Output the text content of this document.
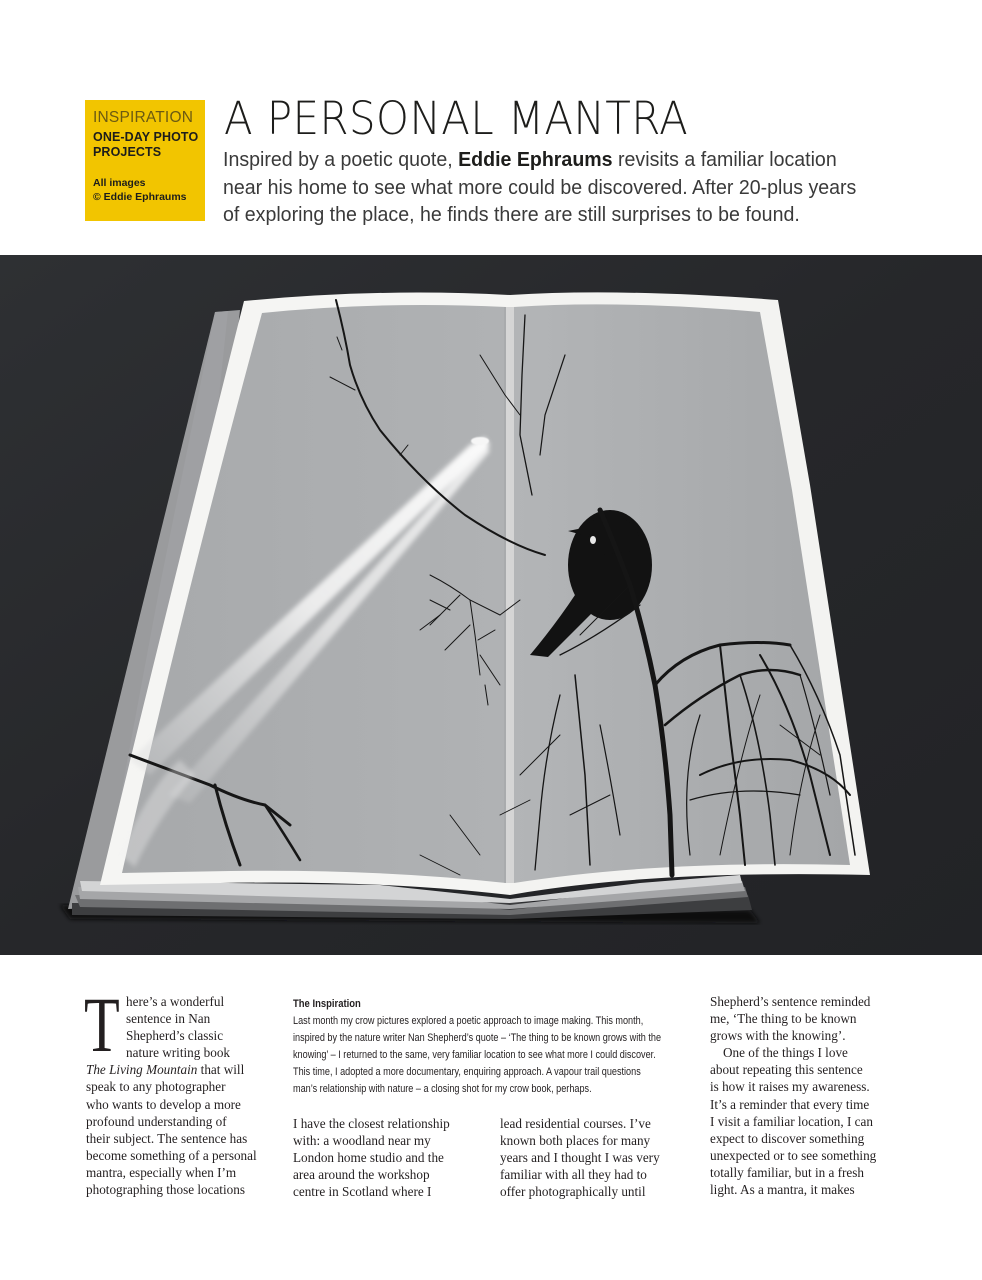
INSPIRATION
ONE-DAY PHOTO
PROJECTS
All images
© Eddie Ephraums
A PERSONAL MANTRA
Inspired by a poetic quote, Eddie Ephraums revisits a familiar location
near his home to see what more could be discovered. After 20-plus years
of exploring the place, he finds there are still surprises to be found.
T here’s a wonderful
sentence in Nan
Shepherd’s classic
nature writing book
The Living Mountain that will
speak to any photographer
who wants to develop a more
profound understanding of
their subject. The sentence has
become something of a personal
mantra, especially when I’m
photographing those locations
The Inspiration
Last month my crow pictures explored a poetic approach to image making. This month,
inspired by the nature writer Nan Shepherd’s quote – ‘The thing to be known grows with the
knowing’ – I returned to the same, very familiar location to see what more I could discover.
This time, I adopted a more documentary, enquiring approach. A vapour trail questions
man’s relationship with nature – a closing shot for my crow book, perhaps.
I have the closest relationship
with: a woodland near my
London home studio and the
area around the workshop
centre in Scotland where I
lead residential courses. I’ve
known both places for many
years and I thought I was very
familiar with all they had to
offer photographically until
Shepherd’s sentence reminded
me, ‘The thing to be known
grows with the knowing’.
One of the things I love
about repeating this sentence
is how it raises my awareness.
It’s a reminder that every time
I visit a familiar location, I can
expect to discover something
unexpected or to see something
totally familiar, but in a fresh
light. As a mantra, it makes
